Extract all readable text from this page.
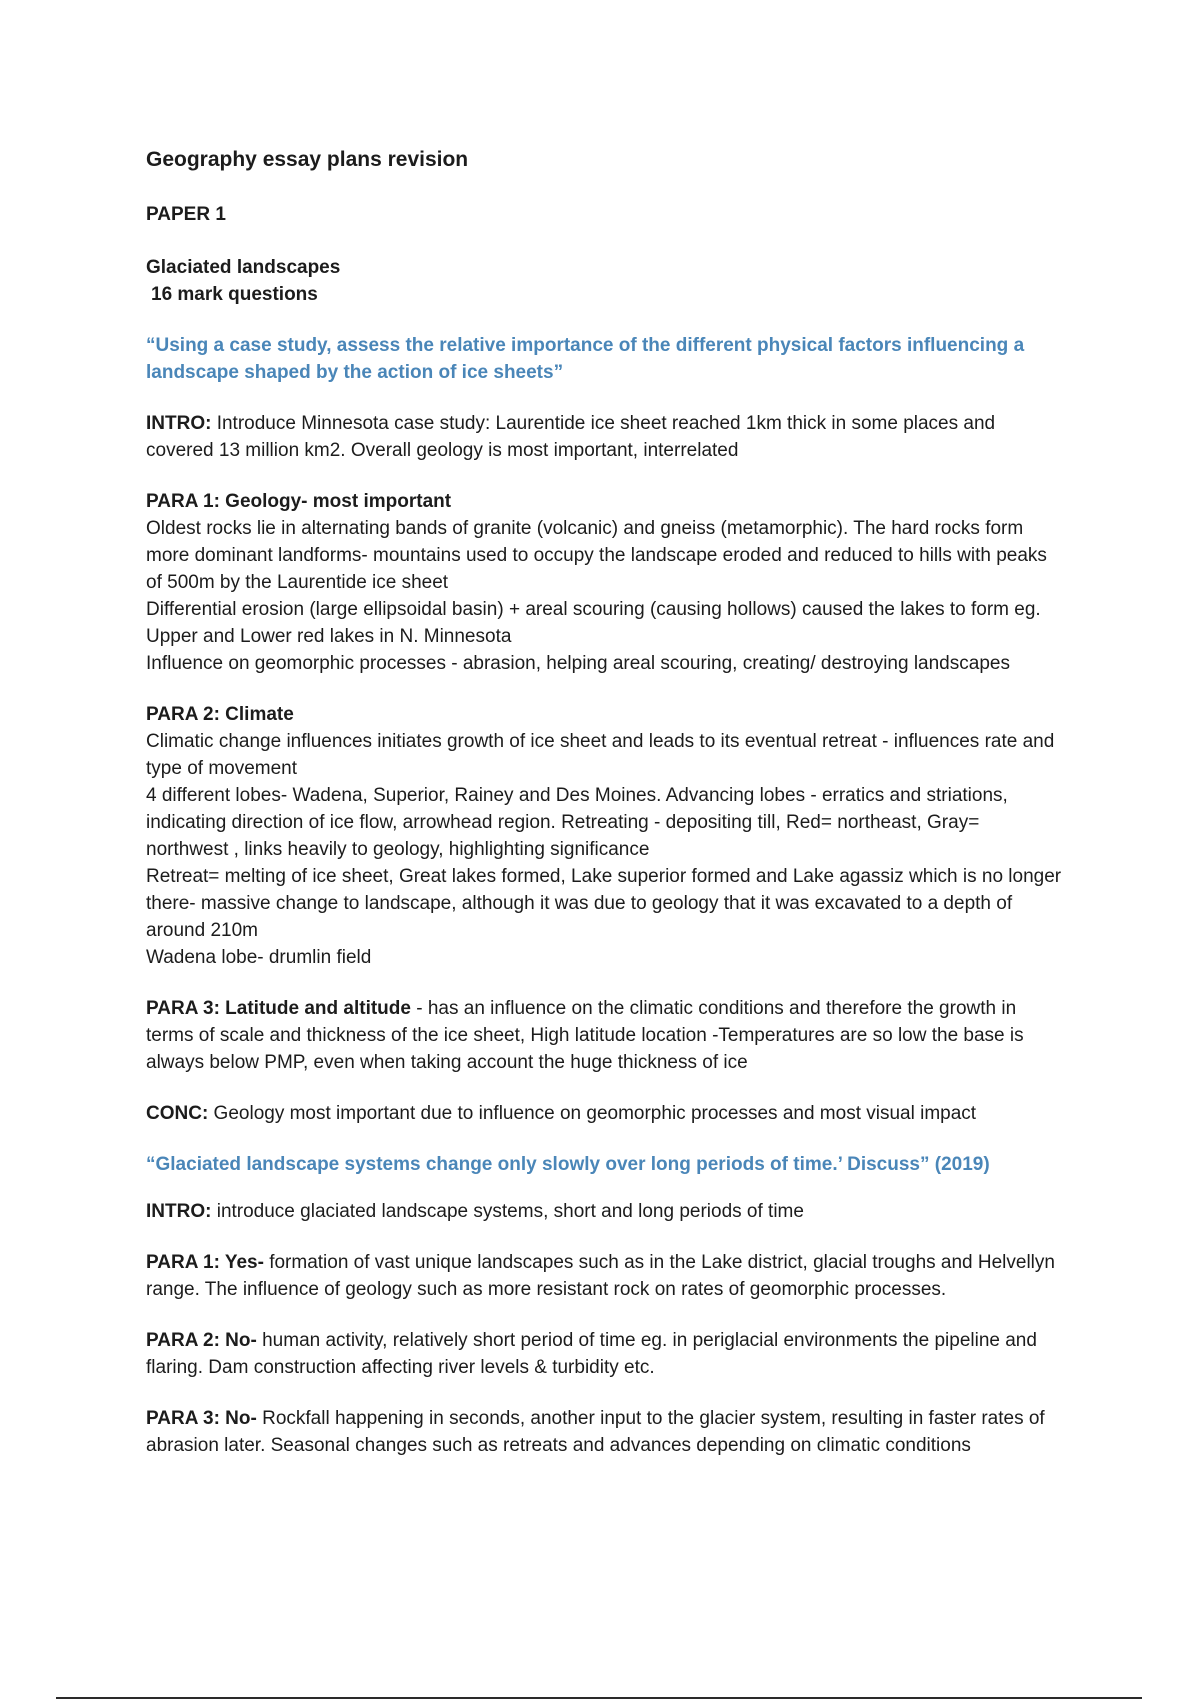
Geography essay plans revision
PAPER 1
Glaciated landscapes
16 mark questions
“Using a case study, assess the relative importance of the different physical factors influencing a landscape shaped by the action of ice sheets”
INTRO: Introduce Minnesota case study: Laurentide ice sheet reached 1km thick in some places and covered 13 million km2. Overall geology is most important, interrelated
PARA 1: Geology- most important
Oldest rocks lie in alternating bands of granite (volcanic) and gneiss (metamorphic). The hard rocks form more dominant landforms- mountains used to occupy the landscape eroded and reduced to hills with peaks of 500m by the Laurentide ice sheet
Differential erosion (large ellipsoidal basin) + areal scouring (causing hollows) caused the lakes to form eg. Upper and Lower red lakes in N. Minnesota
Influence on geomorphic processes - abrasion, helping areal scouring, creating/ destroying landscapes
PARA 2: Climate
Climatic change influences initiates growth of ice sheet and leads to its eventual retreat - influences rate and type of movement
4 different lobes- Wadena, Superior, Rainey and Des Moines. Advancing lobes - erratics and striations, indicating direction of ice flow, arrowhead region. Retreating - depositing till, Red= northeast, Gray= northwest , links heavily to geology, highlighting significance
Retreat= melting of ice sheet, Great lakes formed, Lake superior formed and Lake agassiz which is no longer there- massive change to landscape, although it was due to geology that it was excavated to a depth of around 210m
Wadena lobe- drumlin field
PARA 3: Latitude and altitude - has an influence on the climatic conditions and therefore the growth in terms of scale and thickness of the ice sheet, High latitude location -Temperatures are so low the base is always below PMP, even when taking account the huge thickness of ice
CONC: Geology most important due to influence on geomorphic processes and most visual impact
“Glaciated landscape systems change only slowly over long periods of time.’ Discuss” (2019)
INTRO: introduce glaciated landscape systems, short and long periods of time
PARA 1: Yes- formation of vast unique landscapes such as in the Lake district, glacial troughs and Helvellyn range. The influence of geology such as more resistant rock on rates of geomorphic processes.
PARA 2: No- human activity, relatively short period of time eg. in periglacial environments the pipeline and flaring. Dam construction affecting river levels & turbidity etc.
PARA 3: No- Rockfall happening in seconds, another input to the glacier system, resulting in faster rates of abrasion later. Seasonal changes such as retreats and advances depending on climatic conditions
